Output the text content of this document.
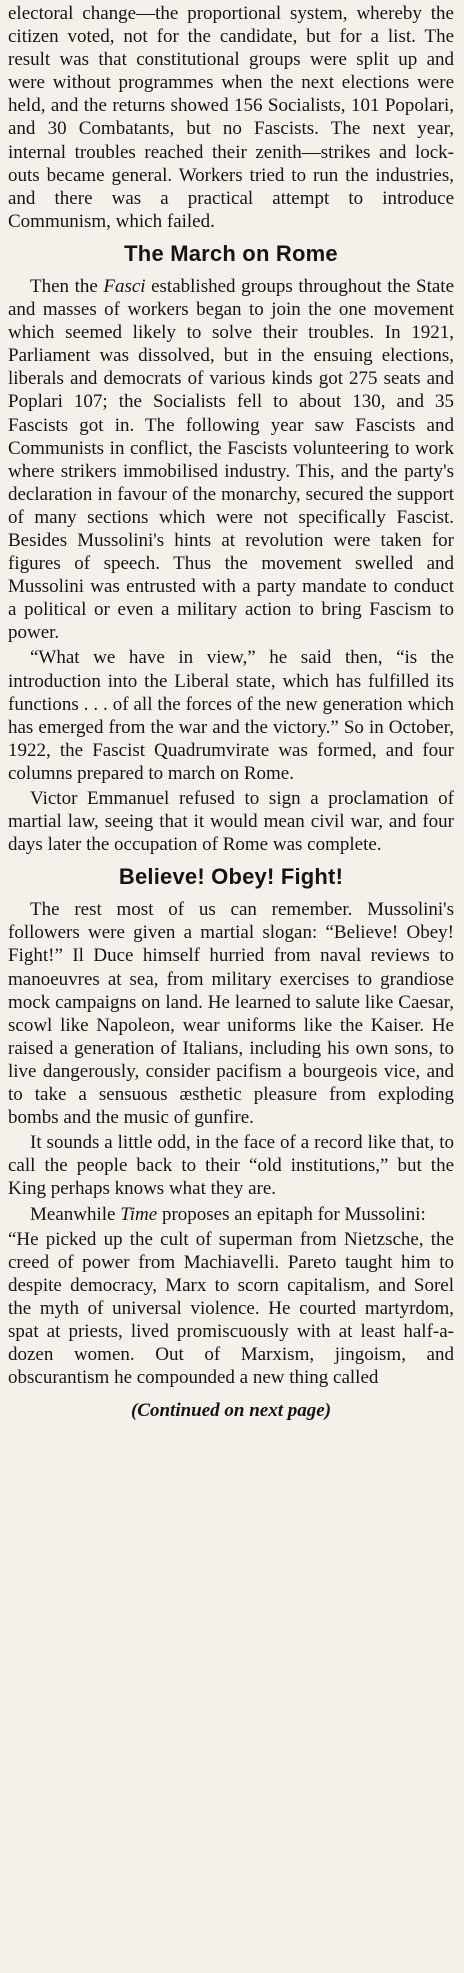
electoral change—the proportional system, whereby the citizen voted, not for the candidate, but for a list. The result was that constitutional groups were split up and were without programmes when the next elections were held, and the returns showed 156 Socialists, 101 Popolari, and 30 Combatants, but no Fascists. The next year, internal troubles reached their zenith—strikes and lock-outs became general. Workers tried to run the industries, and there was a practical attempt to introduce Communism, which failed.

The March on Rome

Then the Fasci established groups throughout the State and masses of workers began to join the one movement which seemed likely to solve their troubles. In 1921, Parliament was dissolved, but in the ensuing elections, liberals and democrats of various kinds got 275 seats and Poplari 107; the Socialists fell to about 130, and 35 Fascists got in. The following year saw Fascists and Communists in conflict, the Fascists volunteering to work where strikers immobilised industry. This, and the party's declaration in favour of the monarchy, secured the support of many sections which were not specifically Fascist. Besides Mussolini's hints at revolution were taken for figures of speech. Thus the movement swelled and Mussolini was entrusted with a party mandate to conduct a political or even a military action to bring Fascism to power.

“What we have in view,” he said then, “is the introduction into the Liberal state, which has fulfilled its functions . . . of all the forces of the new generation which has emerged from the war and the victory.” So in October, 1922, the Fascist Quadrumvirate was formed, and four columns prepared to march on Rome.

Victor Emmanuel refused to sign a proclamation of martial law, seeing that it would mean civil war, and four days later the occupation of Rome was complete.

Believe! Obey! Fight!

The rest most of us can remember. Mussolini's followers were given a martial slogan: “Believe! Obey! Fight!” Il Duce himself hurried from naval reviews to manoeuvres at sea, from military exercises to grandiose mock campaigns on land. He learned to salute like Caesar, scowl like Napoleon, wear uniforms like the Kaiser. He raised a generation of Italians, including his own sons, to live dangerously, consider pacifism a bourgeois vice, and to take a sensuous æsthetic pleasure from exploding bombs and the music of gunfire.

It sounds a little odd, in the face of a record like that, to call the people back to their “old institutions,” but the King perhaps knows what they are.

Meanwhile Time proposes an epitaph for Mussolini:

“He picked up the cult of superman from Nietzsche, the creed of power from Machiavelli. Pareto taught him to despite democracy, Marx to scorn capitalism, and Sorel the myth of universal violence. He courted martyrdom, spat at priests, lived promiscuously with at least half-a-dozen women. Out of Marxism, jingoism, and obscurantism he compounded a new thing called

(Continued on next page)
